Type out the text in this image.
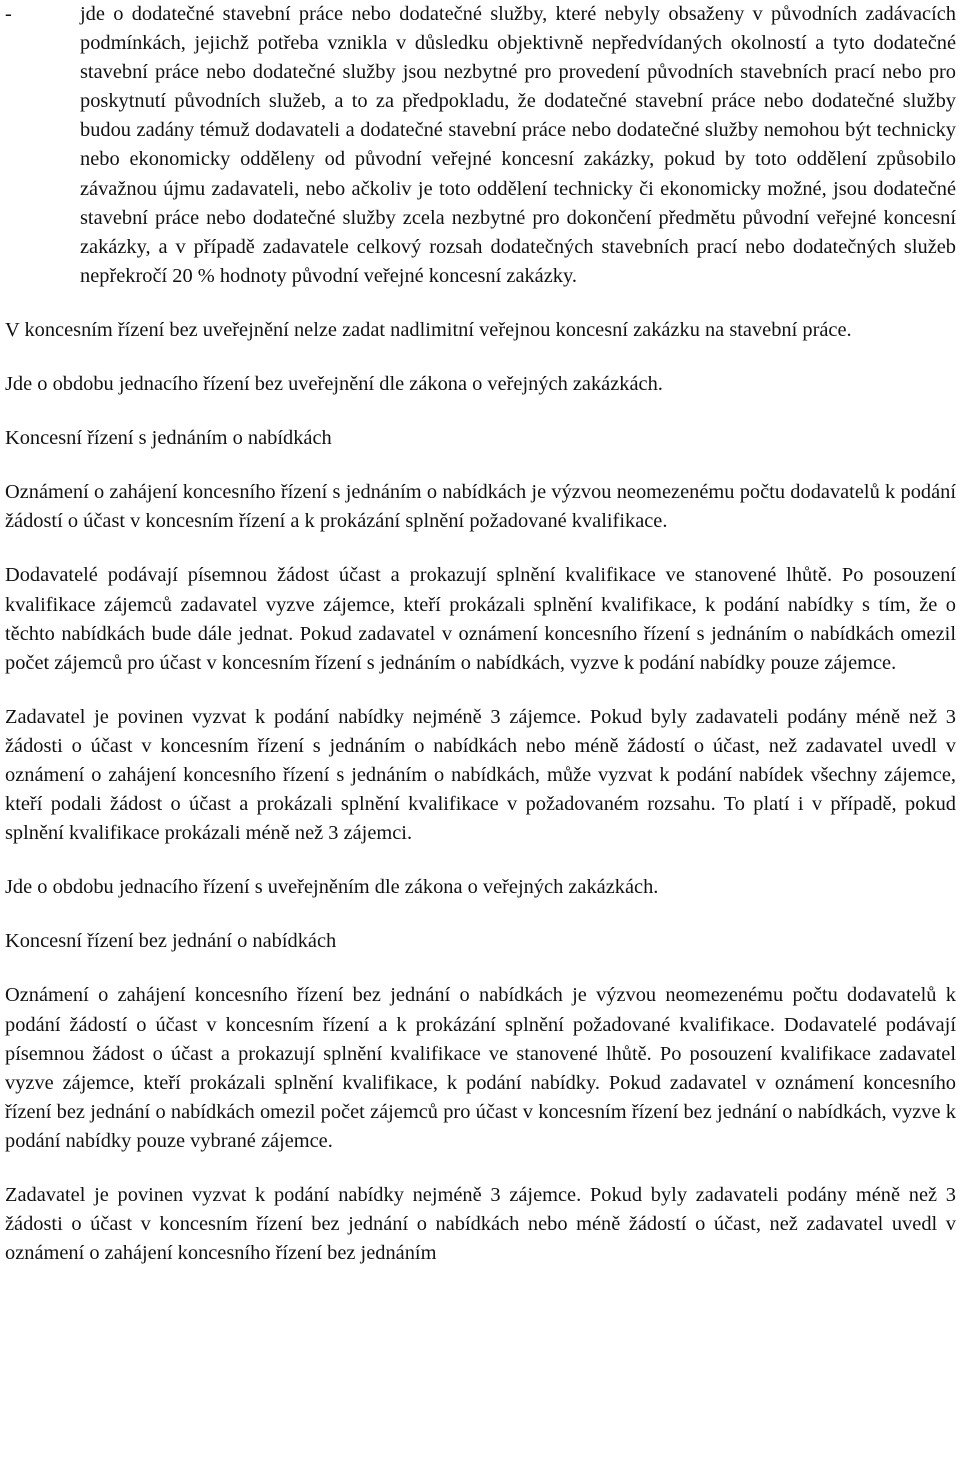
-	jde o dodatečné stavební práce nebo dodatečné služby, které nebyly obsaženy v původních zadávacích podmínkách, jejichž potřeba vznikla v důsledku objektivně nepředvídaných okolností a tyto dodatečné stavební práce nebo dodatečné služby jsou nezbytné pro provedení původních stavebních prací nebo pro poskytnutí původních služeb, a to za předpokladu, že dodatečné stavební práce nebo dodatečné služby budou zadány témuž dodavateli a dodatečné stavební práce nebo dodatečné služby nemohou být technicky nebo ekonomicky odděleny od původní veřejné koncesní zakázky, pokud by toto oddělení způsobilo závažnou újmu zadavateli, nebo ačkoliv je toto oddělení technicky či ekonomicky možné, jsou dodatečné stavební práce nebo dodatečné služby zcela nezbytné pro dokončení předmětu původní veřejné koncesní zakázky, a v případě zadavatele celkový rozsah dodatečných stavebních prací nebo dodatečných služeb nepřekročí 20 % hodnoty původní veřejné koncesní zakázky.

V koncesním řízení bez uveřejnění nelze zadat nadlimitní veřejnou koncesní zakázku na stavební práce.

Jde o obdobu jednacího řízení bez uveřejnění dle zákona o veřejných zakázkách.

Koncesní řízení s jednáním o nabídkách

Oznámení o zahájení koncesního řízení s jednáním o nabídkách je výzvou neomezenému počtu dodavatelů k podání žádostí o účast v koncesním řízení a k prokázání splnění požadované kvalifikace.

Dodavatelé podávají písemnou žádost účast a prokazují splnění kvalifikace ve stanovené lhůtě. Po posouzení kvalifikace zájemců zadavatel vyzve zájemce, kteří prokázali splnění kvalifikace, k podání nabídky s tím, že o těchto nabídkách bude dále jednat. Pokud zadavatel v oznámení koncesního řízení s jednáním o nabídkách omezil počet zájemců pro účast v koncesním řízení s jednáním o nabídkách, vyzve k podání nabídky pouze zájemce.

Zadavatel je povinen vyzvat k podání nabídky nejméně 3 zájemce. Pokud byly zadavateli podány méně než 3 žádosti o účast v koncesním řízení s jednáním o nabídkách nebo méně žádostí o účast, než zadavatel uvedl v oznámení o zahájení koncesního řízení s jednáním o nabídkách, může vyzvat k podání nabídek všechny zájemce, kteří podali žádost o účast a prokázali splnění kvalifikace v požadovaném rozsahu. To platí i v případě, pokud splnění kvalifikace prokázali méně než 3 zájemci.

Jde o obdobu jednacího řízení s uveřejněním dle zákona o veřejných zakázkách.

Koncesní řízení bez jednání o nabídkách

Oznámení o zahájení koncesního řízení bez jednání o nabídkách je výzvou neomezenému počtu dodavatelů k podání žádostí o účast v koncesním řízení a k prokázání splnění požadované kvalifikace. Dodavatelé podávají písemnou žádost o účast a prokazují splnění kvalifikace ve stanovené lhůtě. Po posouzení kvalifikace zadavatel vyzve zájemce, kteří prokázali splnění kvalifikace, k podání nabídky. Pokud zadavatel v oznámení koncesního řízení bez jednání o nabídkách omezil počet zájemců pro účast v koncesním řízení bez jednání o nabídkách, vyzve k podání nabídky pouze vybrané zájemce.

Zadavatel je povinen vyzvat k podání nabídky nejméně 3 zájemce. Pokud byly zadavateli podány méně než 3 žádosti o účast v koncesním řízení bez jednání o nabídkách nebo méně žádostí o účast, než zadavatel uvedl v oznámení o zahájení koncesního řízení bez jednáním
